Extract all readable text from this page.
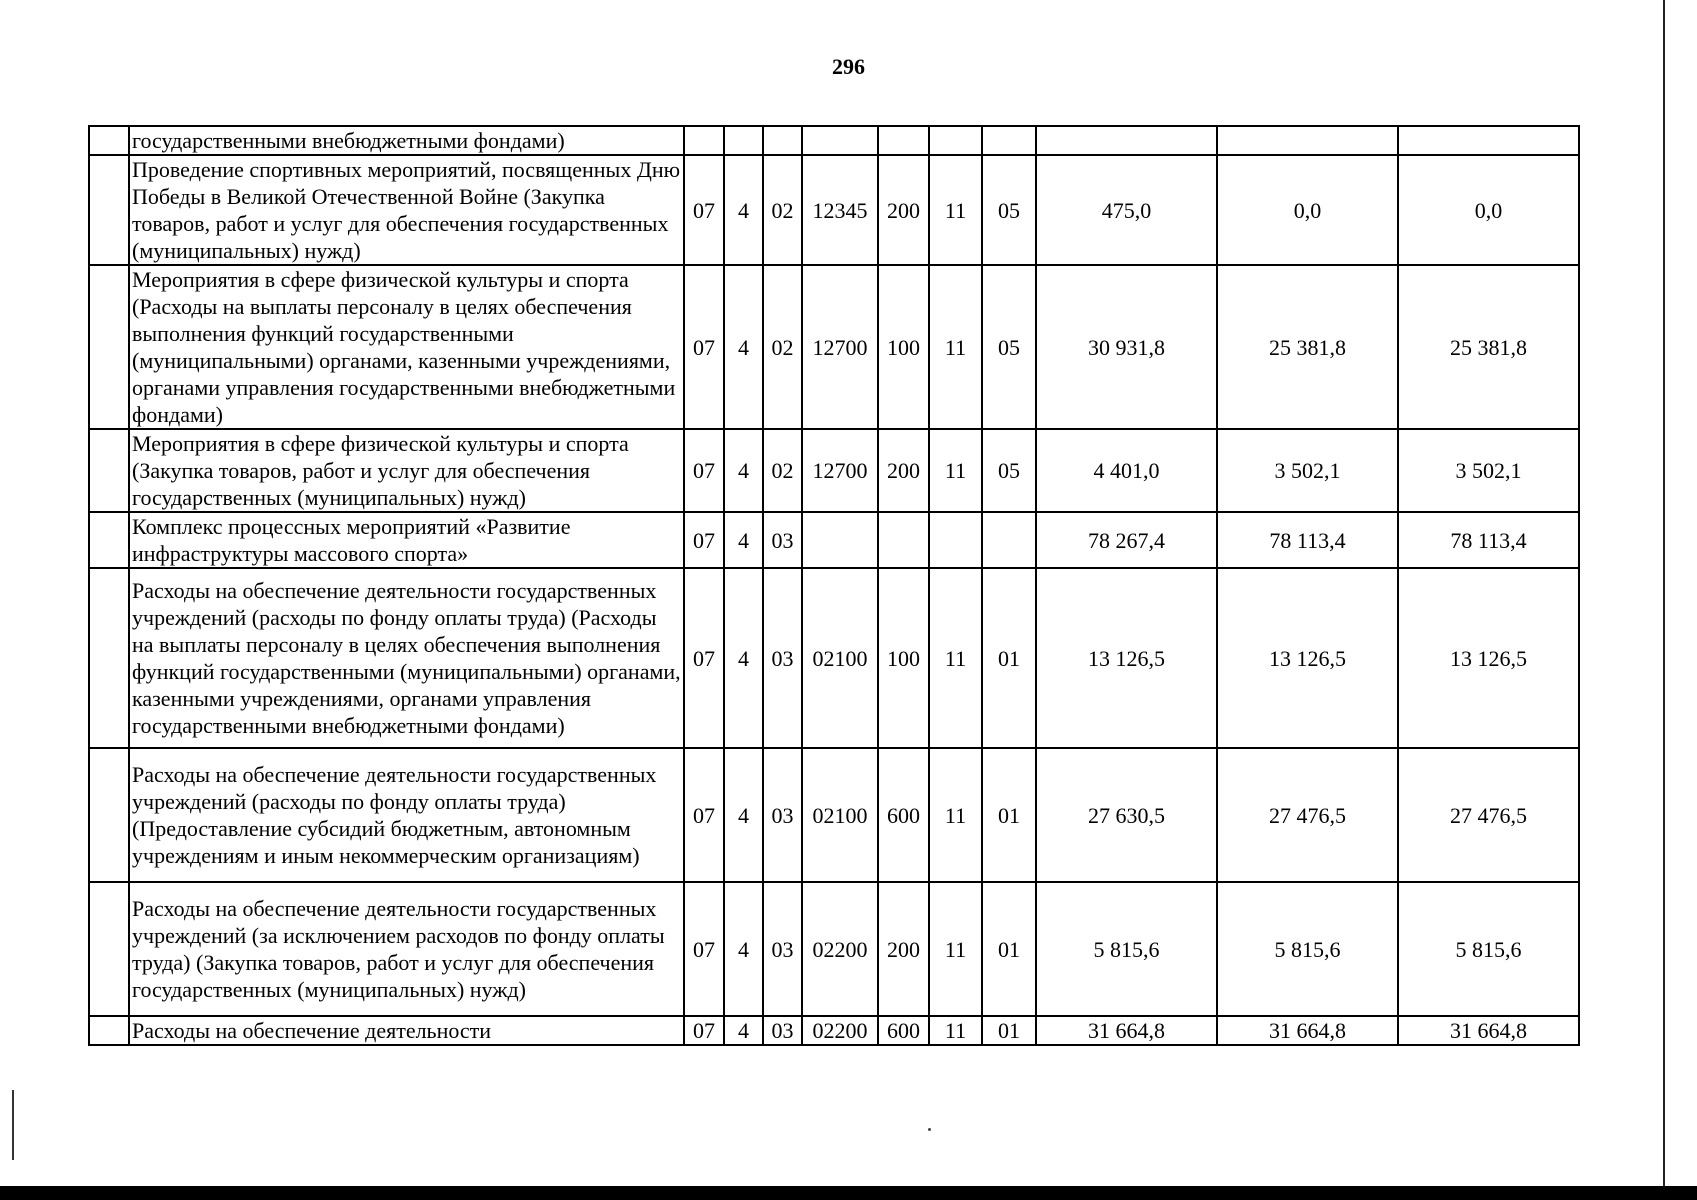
296
	государственными внебюджетными фондами)										
	Проведение спортивных мероприятий, посвященных Дню Победы в Великой Отечественной Войне (Закупка товаров, работ и услуг для обеспечения государственных (муниципальных) нужд)	07	4	02	12345	200	11	05	475,0	0,0	0,0
	Мероприятия в сфере физической культуры и спорта (Расходы на выплаты персоналу в целях обеспечения выполнения функций государственными (муниципальными) органами, казенными учреждениями, органами управления государственными внебюджетными фондами)	07	4	02	12700	100	11	05	30 931,8	25 381,8	25 381,8
	Мероприятия в сфере физической культуры и спорта (Закупка товаров, работ и услуг для обеспечения государственных (муниципальных) нужд)	07	4	02	12700	200	11	05	4 401,0	3 502,1	3 502,1
	Комплекс процессных мероприятий «Развитие инфраструктуры массового спорта»	07	4	03					78 267,4	78 113,4	78 113,4
	Расходы на обеспечение деятельности государственных учреждений (расходы по фонду оплаты труда) (Расходы на выплаты персоналу в целях обеспечения выполнения функций государственными (муниципальными) органами, казенными учреждениями, органами управления государственными внебюджетными фондами)	07	4	03	02100	100	11	01	13 126,5	13 126,5	13 126,5
	Расходы на обеспечение деятельности государственных учреждений (расходы по фонду оплаты труда) (Предоставление субсидий бюджетным, автономным учреждениям и иным некоммерческим организациям)	07	4	03	02100	600	11	01	27 630,5	27 476,5	27 476,5
	Расходы на обеспечение деятельности государственных учреждений (за исключением расходов по фонду оплаты труда) (Закупка товаров, работ и услуг для обеспечения государственных (муниципальных) нужд)	07	4	03	02200	200	11	01	5 815,6	5 815,6	5 815,6
	Расходы на обеспечение деятельности	07	4	03	02200	600	11	01	31 664,8	31 664,8	31 664,8
